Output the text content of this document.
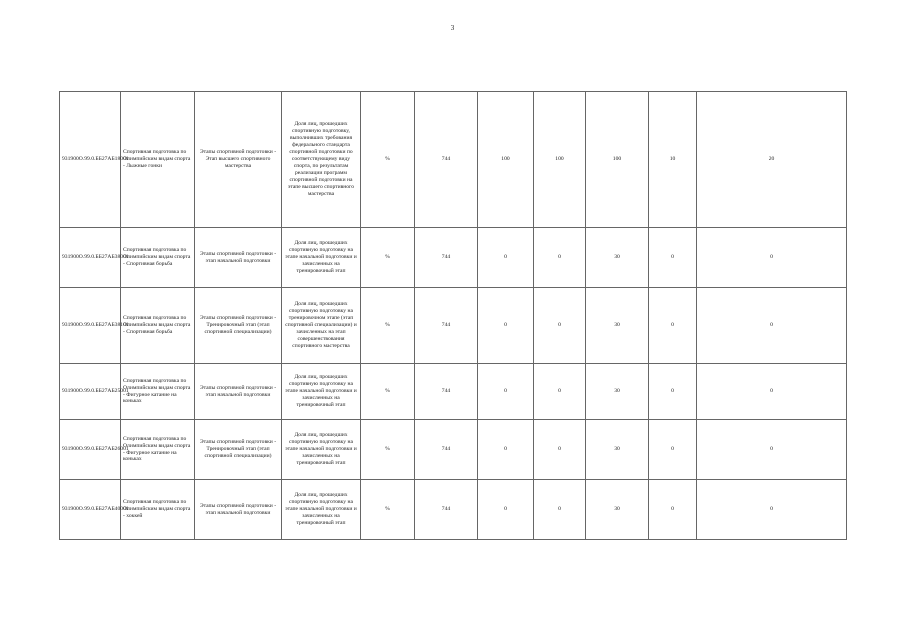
3
931900О.99.0.ББ27АБ18001	Спортивная подготовка по Олимпийским видам спорта - Лыжные гонки	Этапы спортивной подготовки - Этап высшего спортивного мастерства	Доля лиц, прошедших спортивную подготовку, выполнивших требования федерального стандарта спортивной подготовки по соответствующему виду спорта, по результатам реализации программ спортивной подготовки на этапе высшего спортивного мастерства	%	744	100	100	100	10	20
931900О.99.0.ББ27АБ38001	Спортивная подготовка по Олимпийским видам спорта - Спортивная борьба	Этапы спортивной подготовки - этап начальной подготовки	Доля лиц, прошедших спортивную подготовку на этапе начальной подготовки и зачисленных на тренировочный этап	%	744	0	0	30	0	0
931900О.99.0.ББ27АБ38101	Спортивная подготовка по Олимпийским видам спорта - Спортивная борьба	Этапы спортивной подготовки - Тренировочный этап (этап спортивной специализации)	Доля лиц, прошедших спортивную подготовку на тренировочном этапе (этап спортивной специализации) и зачисленных на этап совершенствования спортивного мастерства	%	744	0	0	30	0	0
931900О.99.0.ББ27АБ25001	Спортивная подготовка по Олимпийским видам спорта - Фигурное катание на коньках	Этапы спортивной подготовки - этап начальной подготовки	Доля лиц, прошедших спортивную подготовку на этапе начальной подготовки и зачисленных на тренировочный этап	%	744	0	0	30	0	0
931900О.99.0.ББ27АБ26001	Спортивная подготовка по Олимпийским видам спорта - Фигурное катание на коньках	Этапы спортивной подготовки - Тренировочный этап (этап спортивной специализации)	Доля лиц, прошедших спортивную подготовку на этапе начальной подготовки и зачисленных на тренировочный этап	%	744	0	0	30	0	0
931900О.99.0.ББ27АБ40001	Спортивная подготовка по Олимпийским видам спорта - хоккей	Этапы спортивной подготовки - этап начальной подготовки	Доля лиц, прошедших спортивную подготовку на этапе начальной подготовки и зачисленных на тренировочный этап	%	744	0	0	30	0	0
